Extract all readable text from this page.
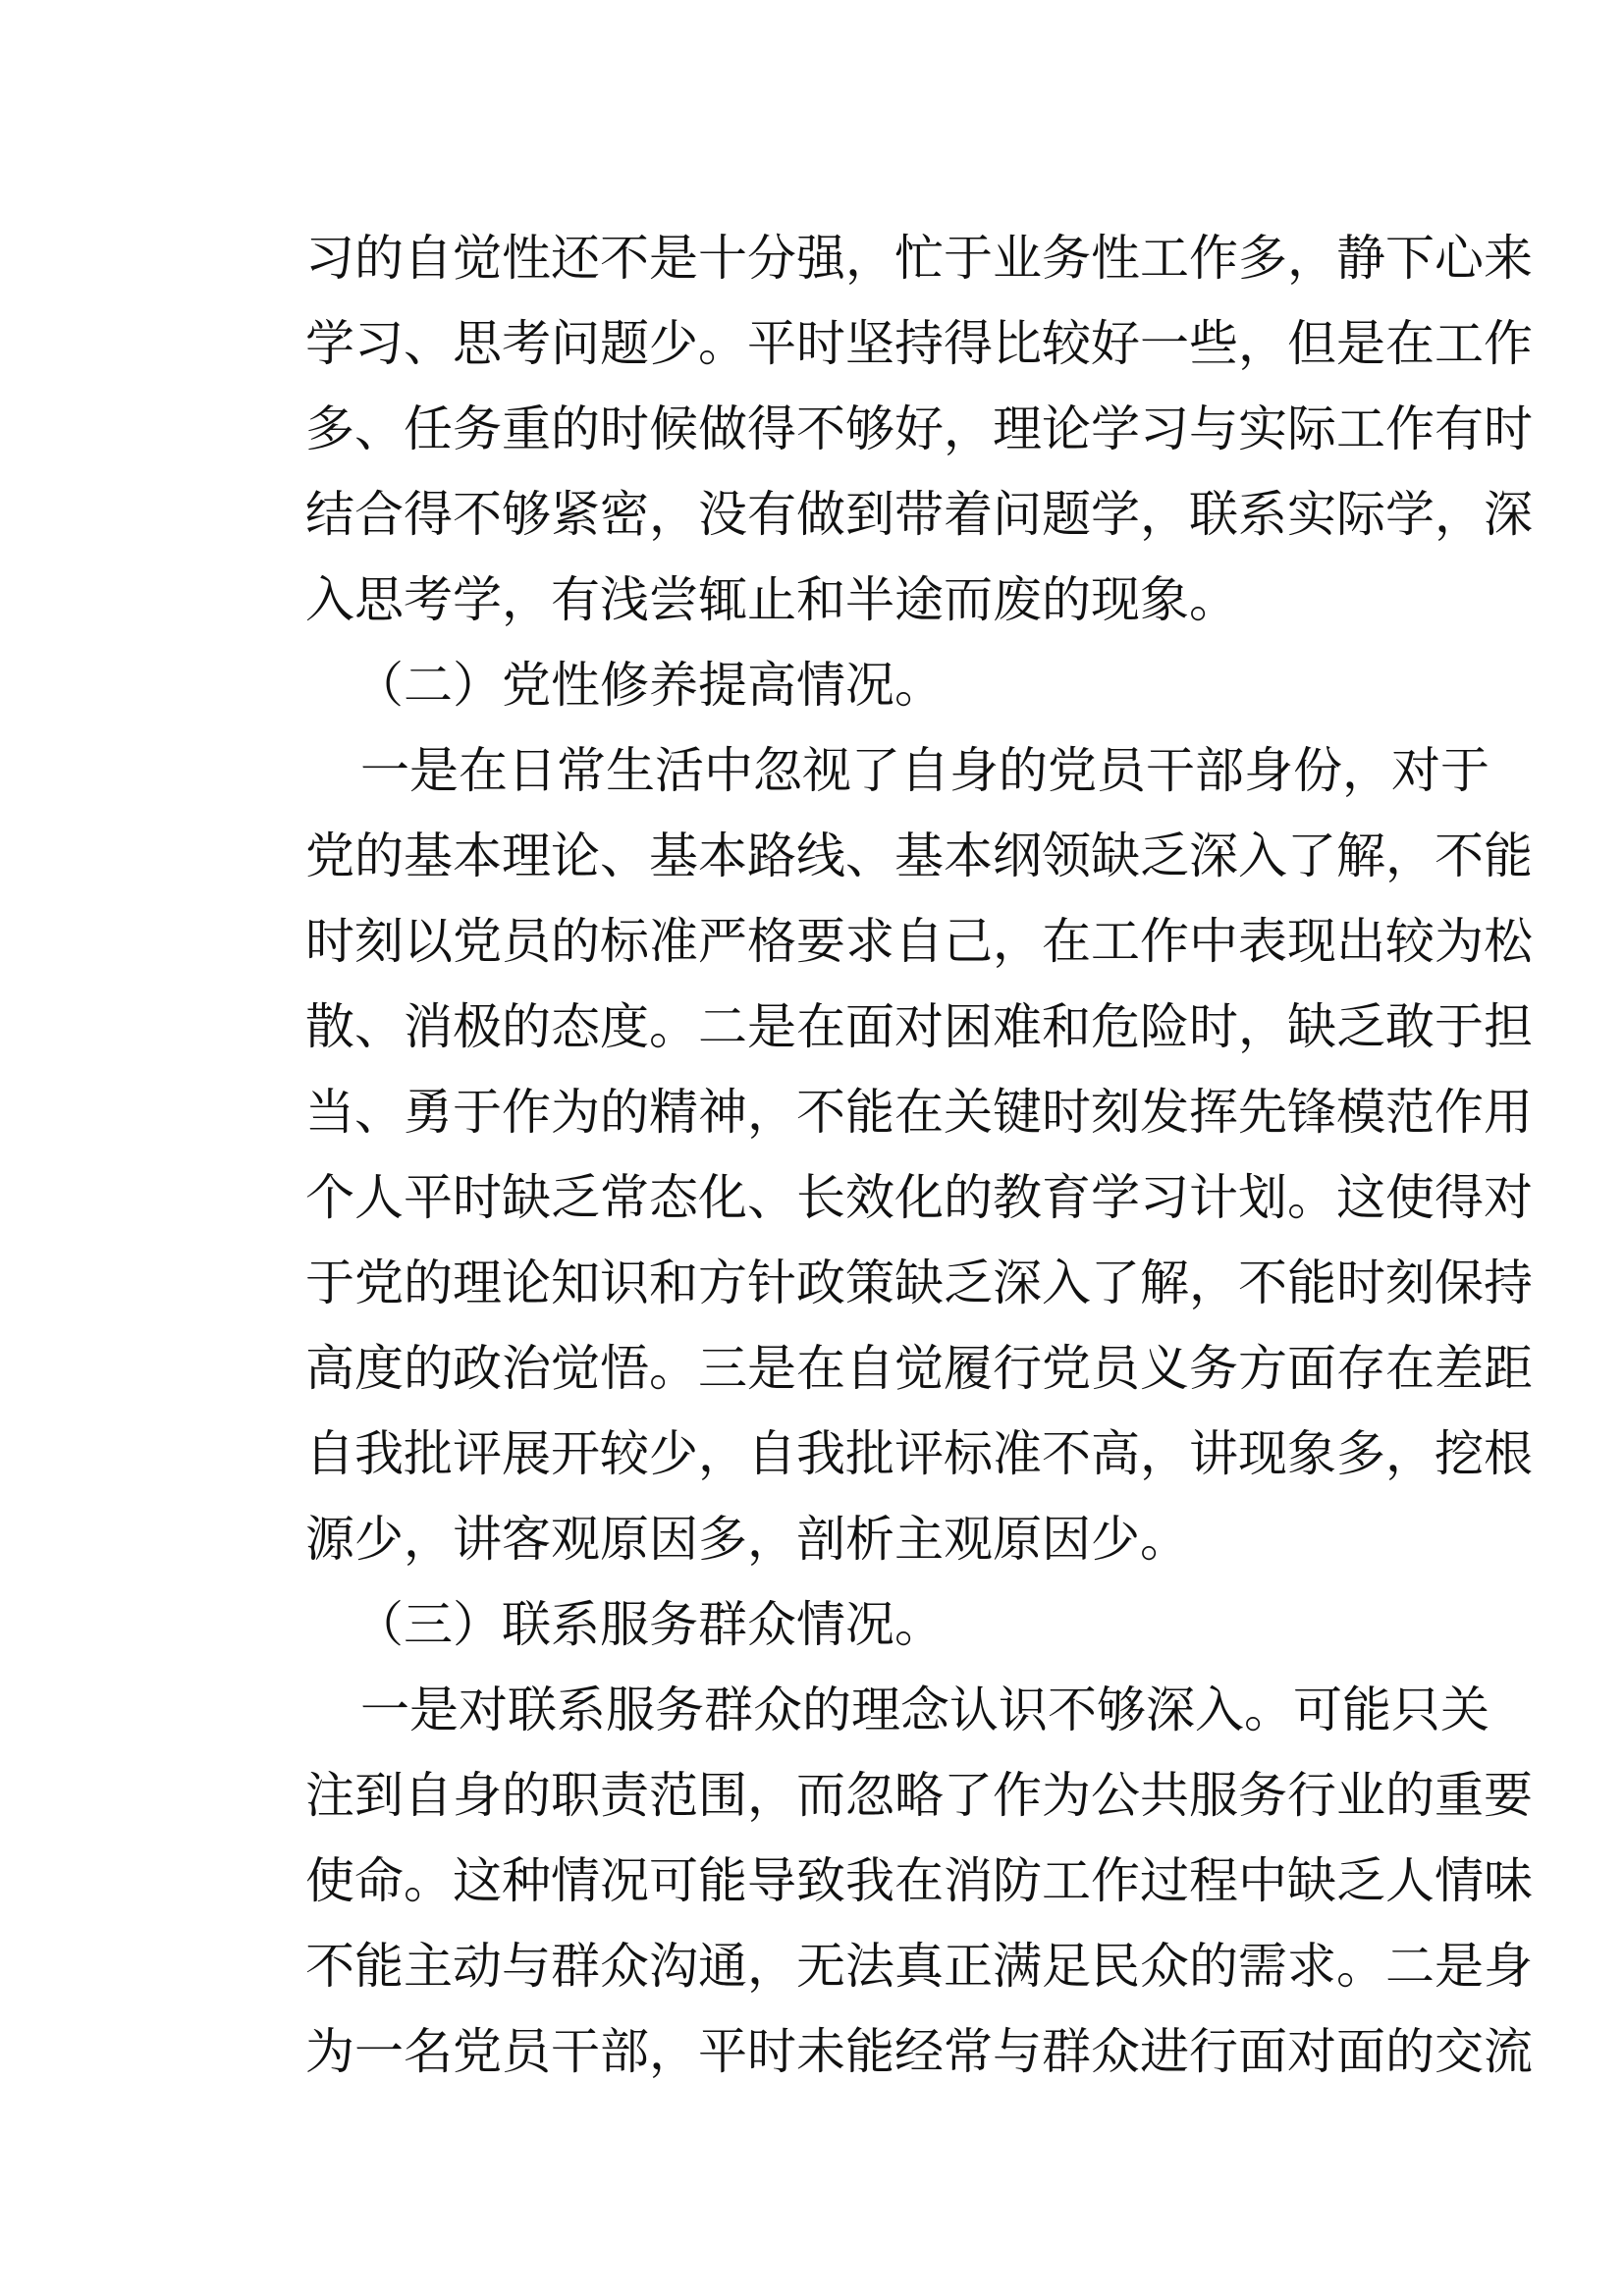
习的自觉性还不是十分强，忙于业务性工作多，静下心来
学习、思考问题少。平时坚持得比较好一些，但是在工作
多、任务重的时候做得不够好，理论学习与实际工作有时
结合得不够紧密，没有做到带着问题学，联系实际学，深
入思考学，有浅尝辄止和半途而废的现象。
（二）党性修养提高情况。
一是在日常生活中忽视了自身的党员干部身份，对于
党的基本理论、基本路线、基本纲领缺乏深入了解，不能
时刻以党员的标准严格要求自己，在工作中表现出较为松
散、消极的态度。二是在面对困难和危险时，缺乏敢于担
当、勇于作为的精神，不能在关键时刻发挥先锋模范作用
个人平时缺乏常态化、长效化的教育学习计划。这使得对
于党的理论知识和方针政策缺乏深入了解，不能时刻保持
高度的政治觉悟。三是在自觉履行党员义务方面存在差距
自我批评展开较少，自我批评标准不高，讲现象多，挖根
源少，讲客观原因多，剖析主观原因少。
（三）联系服务群众情况。
一是对联系服务群众的理念认识不够深入。可能只关
注到自身的职责范围，而忽略了作为公共服务行业的重要
使命。这种情况可能导致我在消防工作过程中缺乏人情味
不能主动与群众沟通，无法真正满足民众的需求。二是身
为一名党员干部，平时未能经常与群众进行面对面的交流
